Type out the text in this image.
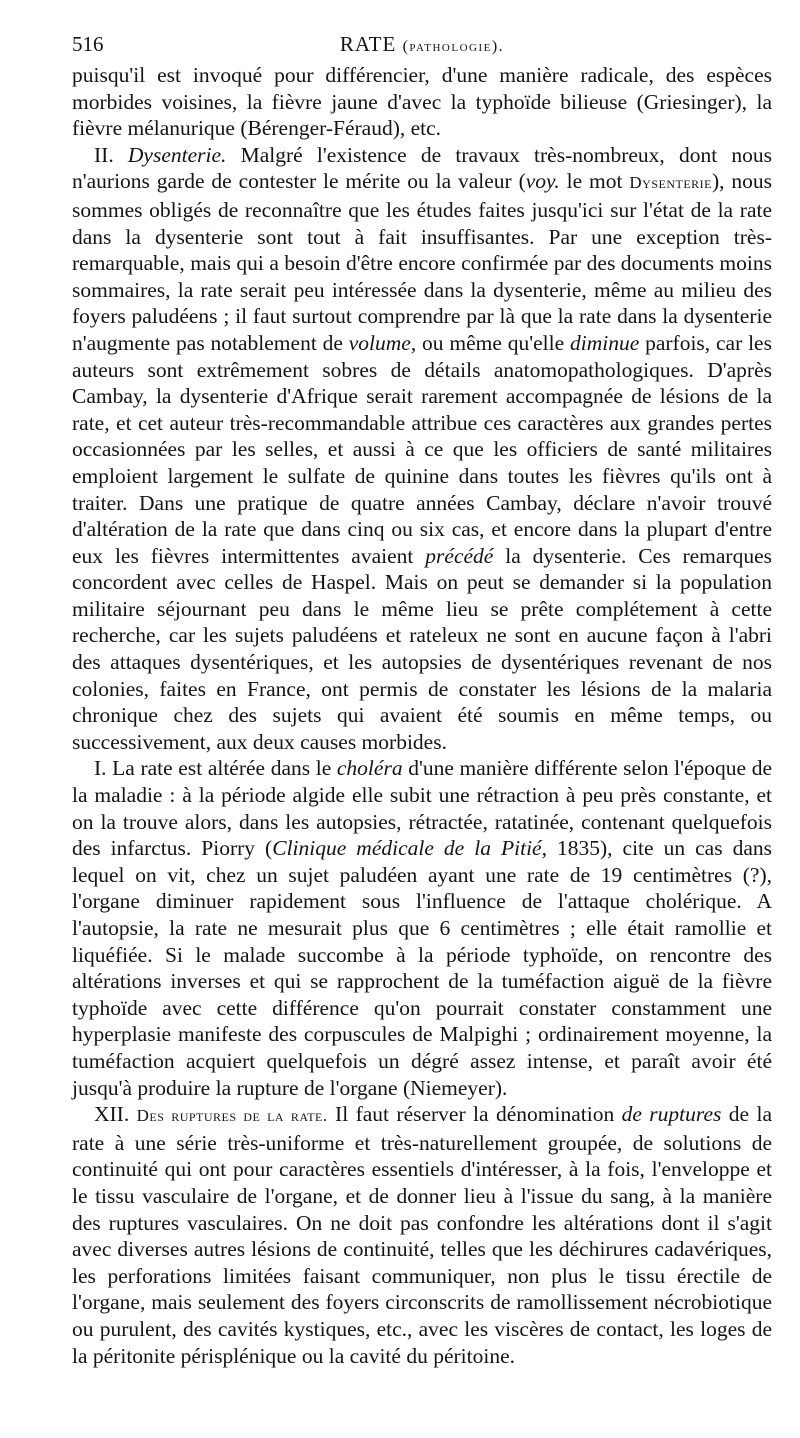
516	RATE (pathologie).

puisqu'il est invoqué pour différencier, d'une manière radicale, des espèces morbides voisines, la fièvre jaune d'avec la typhoïde bilieuse (Griesinger), la fièvre mélanurique (Bérenger-Féraud), etc.

II. Dysenterie. Malgré l'existence de travaux très-nombreux, dont nous n'aurions garde de contester le mérite ou la valeur (voy. le mot Dysenterie), nous sommes obligés de reconnaître que les études faites jusqu'ici sur l'état de la rate dans la dysenterie sont tout à fait insuffisantes. Par une exception très-remarquable, mais qui a besoin d'être encore confirmée par des documents moins sommaires, la rate serait peu intéressée dans la dysenterie, même au milieu des foyers paludéens ; il faut surtout comprendre par là que la rate dans la dysenterie n'augmente pas notablement de volume, ou même qu'elle diminue parfois, car les auteurs sont extrêmement sobres de détails anatomopathologiques. D'après Cambay, la dysenterie d'Afrique serait rarement accompagnée de lésions de la rate, et cet auteur très-recommandable attribue ces caractères aux grandes pertes occasionnées par les selles, et aussi à ce que les officiers de santé militaires emploient largement le sulfate de quinine dans toutes les fièvres qu'ils ont à traiter. Dans une pratique de quatre années Cambay, déclare n'avoir trouvé d'altération de la rate que dans cinq ou six cas, et encore dans la plupart d'entre eux les fièvres intermittentes avaient précédé la dysenterie. Ces remarques concordent avec celles de Haspel. Mais on peut se demander si la population militaire séjournant peu dans le même lieu se prête complétement à cette recherche, car les sujets paludéens et rateleux ne sont en aucune façon à l'abri des attaques dysentériques, et les autopsies de dysentériques revenant de nos colonies, faites en France, ont permis de constater les lésions de la malaria chronique chez des sujets qui avaient été soumis en même temps, ou successivement, aux deux causes morbides.

I. La rate est altérée dans le choléra d'une manière différente selon l'époque de la maladie : à la période algide elle subit une rétraction à peu près constante, et on la trouve alors, dans les autopsies, rétractée, ratatinée, contenant quelquefois des infarctus. Piorry (Clinique médicale de la Pitié, 1835), cite un cas dans lequel on vit, chez un sujet paludéen ayant une rate de 19 centimètres (?), l'organe diminuer rapidement sous l'influence de l'attaque cholérique. A l'autopsie, la rate ne mesurait plus que 6 centimètres ; elle était ramollie et liquéfiée. Si le malade succombe à la période typhoïde, on rencontre des altérations inverses et qui se rapprochent de la tuméfaction aiguë de la fièvre typhoïde avec cette différence qu'on pourrait constater constamment une hyperplasie manifeste des corpuscules de Malpighi ; ordinairement moyenne, la tuméfaction acquiert quelquefois un dégré assez intense, et paraît avoir été jusqu'à produire la rupture de l'organe (Niemeyer).

XII. Des ruptures de la rate. Il faut réserver la dénomination de ruptures de la rate à une série très-uniforme et très-naturellement groupée, de solutions de continuité qui ont pour caractères essentiels d'intéresser, à la fois, l'enveloppe et le tissu vasculaire de l'organe, et de donner lieu à l'issue du sang, à la manière des ruptures vasculaires. On ne doit pas confondre les altérations dont il s'agit avec diverses autres lésions de continuité, telles que les déchirures cadavériques, les perforations limitées faisant communiquer, non plus le tissu érectile de l'organe, mais seulement des foyers circonscrits de ramollissement nécrobiotique ou purulent, des cavités kystiques, etc., avec les viscères de contact, les loges de la péritonite périsplénique ou la cavité du péritoine.
